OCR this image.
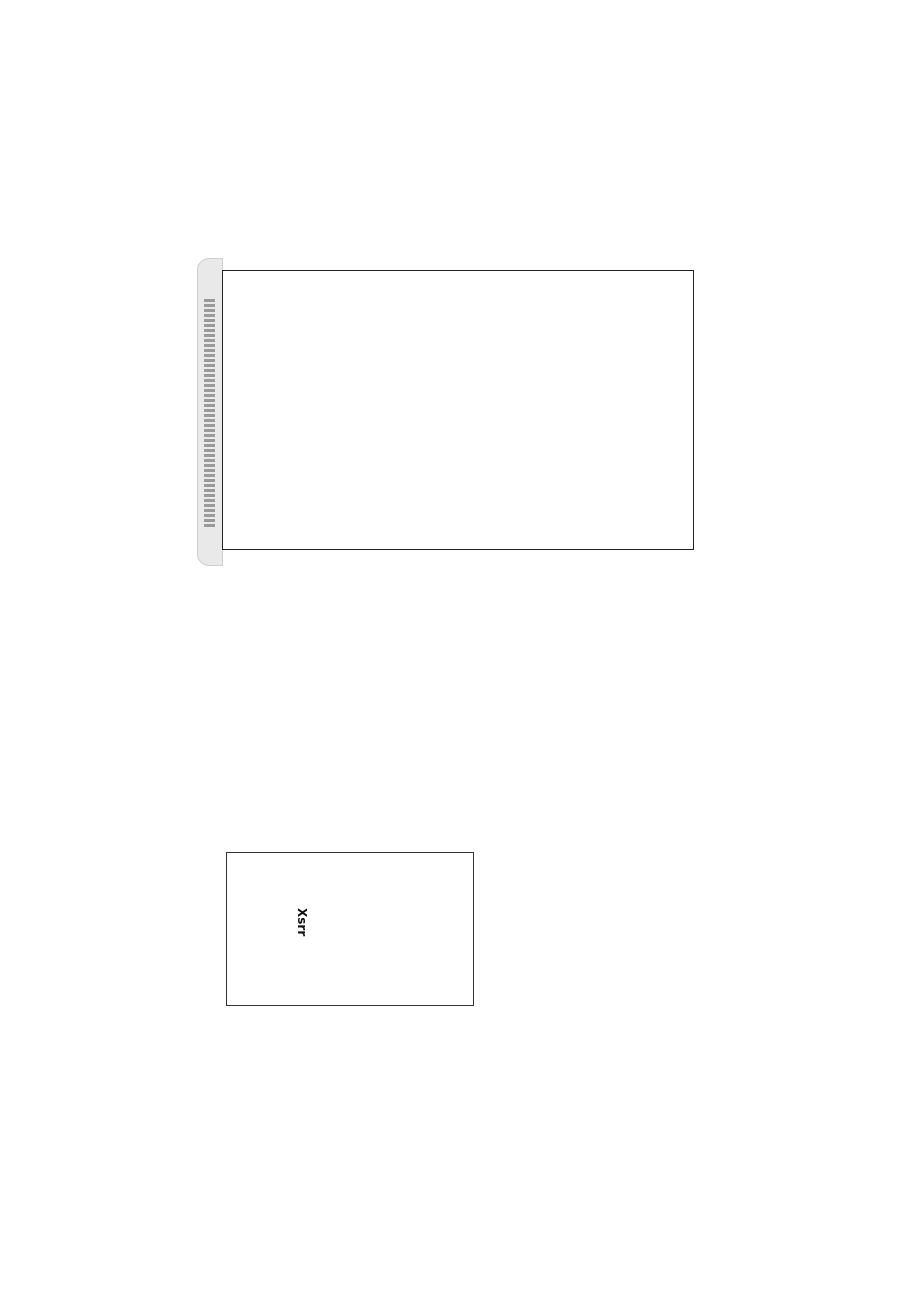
Xsrr
